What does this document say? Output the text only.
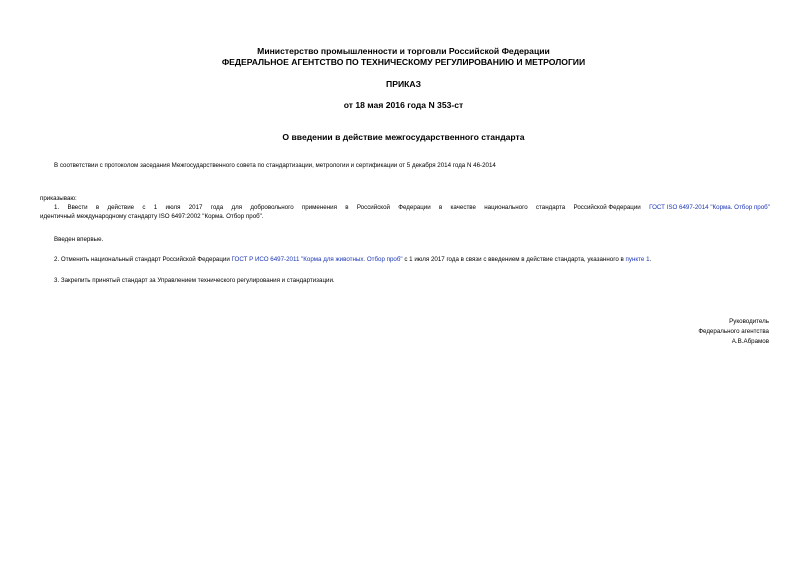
Министерство промышленности и торговли Российской Федерации
ФЕДЕРАЛЬНОЕ АГЕНТСТВО ПО ТЕХНИЧЕСКОМУ РЕГУЛИРОВАНИЮ И МЕТРОЛОГИИ
ПРИКАЗ
от 18 мая 2016 года N 353-ст
О введении в действие межгосударственного стандарта
В соответствии с протоколом заседания Межгосударственного совета по стандартизации, метрологии и сертификации от 5 декабря 2014 года N 46-2014
приказываю:
1. Ввести в действие с 1 июля 2017 года для добровольного применения в Российской Федерации в качестве национального стандарта Российской Федерации ГОСТ ISO 6497-2014 "Корма. Отбор проб"
идентичный международному стандарту ISO 6497:2002 "Корма. Отбор проб".
Введен впервые.
2. Отменить национальный стандарт Российской Федерации ГОСТ Р ИСО 6497-2011 "Корма для животных. Отбор проб" с 1 июля 2017 года в связи с введением в действие стандарта, указанного в пункте 1.
3. Закрепить принятый стандарт за Управлением технического регулирования и стандартизации.
Руководитель
Федерального агентства
А.В.Абрамов
